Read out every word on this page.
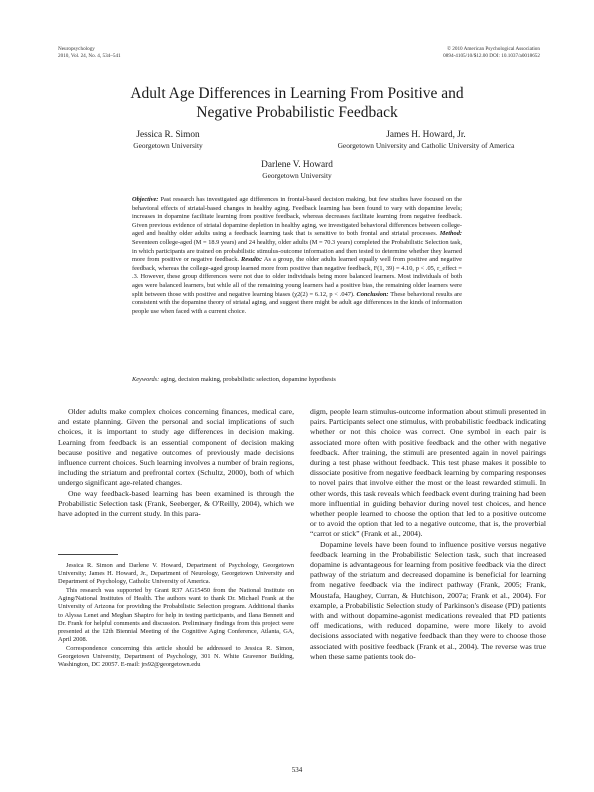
Neuropsychology
2010, Vol. 24, No. 4, 534–541
© 2010 American Psychological Association
0894-4105/10/$12.00 DOI: 10.1037/a0018652
Adult Age Differences in Learning From Positive and
Negative Probabilistic Feedback
Jessica R. Simon
Georgetown University
James H. Howard, Jr.
Georgetown University and Catholic University of America
Darlene V. Howard
Georgetown University

Objective: Past research has investigated age differences in frontal-based decision making, but few studies have focused on the behavioral effects of striatal-based changes in healthy aging. Feedback learning has been found to vary with dopamine levels; increases in dopamine facilitate learning from positive feedback, whereas decreases facilitate learning from negative feedback. Given previous evidence of striatal dopamine depletion in healthy aging, we investigated behavioral differences between college-aged and healthy older adults using a feedback learning task that is sensitive to both frontal and striatal processes. Method: Seventeen college-aged (M = 18.9 years) and 24 healthy, older adults (M = 70.3 years) completed the Probabilistic Selection task, in which participants are trained on probabilistic stimulus-outcome information and then tested to determine whether they learned more from positive or negative feedback. Results: As a group, the older adults learned equally well from positive and negative feedback, whereas the college-aged group learned more from positive than negative feedback, F(1, 39) = 4.10, p < .05, r_effect = .3. However, these group differences were not due to older individuals being more balanced learners. Most individuals of both ages were balanced learners, but while all of the remaining young learners had a positive bias, the remaining older learners were split between those with positive and negative learning biases (χ2(2) = 6.12, p < .047). Conclusion: These behavioral results are consistent with the dopamine theory of striatal aging, and suggest there might be adult age differences in the kinds of information people use when faced with a current choice.

Keywords: aging, decision making, probabilistic selection, dopamine hypothesis

Older adults make complex choices concerning finances, medical care, and estate planning. Given the personal and social implications of such choices, it is important to study age differences in decision making. Learning from feedback is an essential component of decision making because positive and negative outcomes of previously made decisions influence current choices. Such learning involves a number of brain regions, including the striatum and prefrontal cortex (Schultz, 2000), both of which undergo significant age-related changes.

One way feedback-based learning has been examined is through the Probabilistic Selection task (Frank, Seeberger, & O'Reilly, 2004), which we have adopted in the current study. In this para-

Jessica R. Simon and Darlene V. Howard, Department of Psychology, Georgetown University; James H. Howard, Jr., Department of Neurology, Georgetown University and Department of Psychology, Catholic University of America.

This research was supported by Grant R37 AG15450 from the National Institute on Aging/National Institutes of Health. The authors want to thank Dr. Michael Frank at the University of Arizona for providing the Probabilistic Selection program. Additional thanks to Alyssa Lenet and Meghan Shapiro for help in testing participants, and Ilana Bennett and Dr. Frank for helpful comments and discussion. Preliminary findings from this project were presented at the 12th Biennial Meeting of the Cognitive Aging Conference, Atlanta, GA, April 2008.

Correspondence concerning this article should be addressed to Jessica R. Simon, Georgetown University, Department of Psychology, 301 N. White Gravenor Building, Washington, DC 20057. E-mail: jrs92@georgetown.edu

digm, people learn stimulus-outcome information about stimuli presented in pairs. Participants select one stimulus, with probabilistic feedback indicating whether or not this choice was correct. One symbol in each pair is associated more often with positive feedback and the other with negative feedback. After training, the stimuli are presented again in novel pairings during a test phase without feedback. This test phase makes it possible to dissociate positive from negative feedback learning by comparing responses to novel pairs that involve either the most or the least rewarded stimuli. In other words, this task reveals which feedback event during training had been more influential in guiding behavior during novel test choices, and hence whether people learned to choose the option that led to a positive outcome or to avoid the option that led to a negative outcome, that is, the proverbial “carrot or stick” (Frank et al., 2004).

Dopamine levels have been found to influence positive versus negative feedback learning in the Probabilistic Selection task, such that increased dopamine is advantageous for learning from positive feedback via the direct pathway of the striatum and decreased dopamine is beneficial for learning from negative feedback via the indirect pathway (Frank, 2005; Frank, Moustafa, Haughey, Curran, & Hutchison, 2007a; Frank et al., 2004). For example, a Probabilistic Selection study of Parkinson's disease (PD) patients with and without dopamine-agonist medications revealed that PD patients off medications, with reduced dopamine, were more likely to avoid decisions associated with negative feedback than they were to choose those associated with positive feedback (Frank et al., 2004). The reverse was true when these same patients took do-

534
